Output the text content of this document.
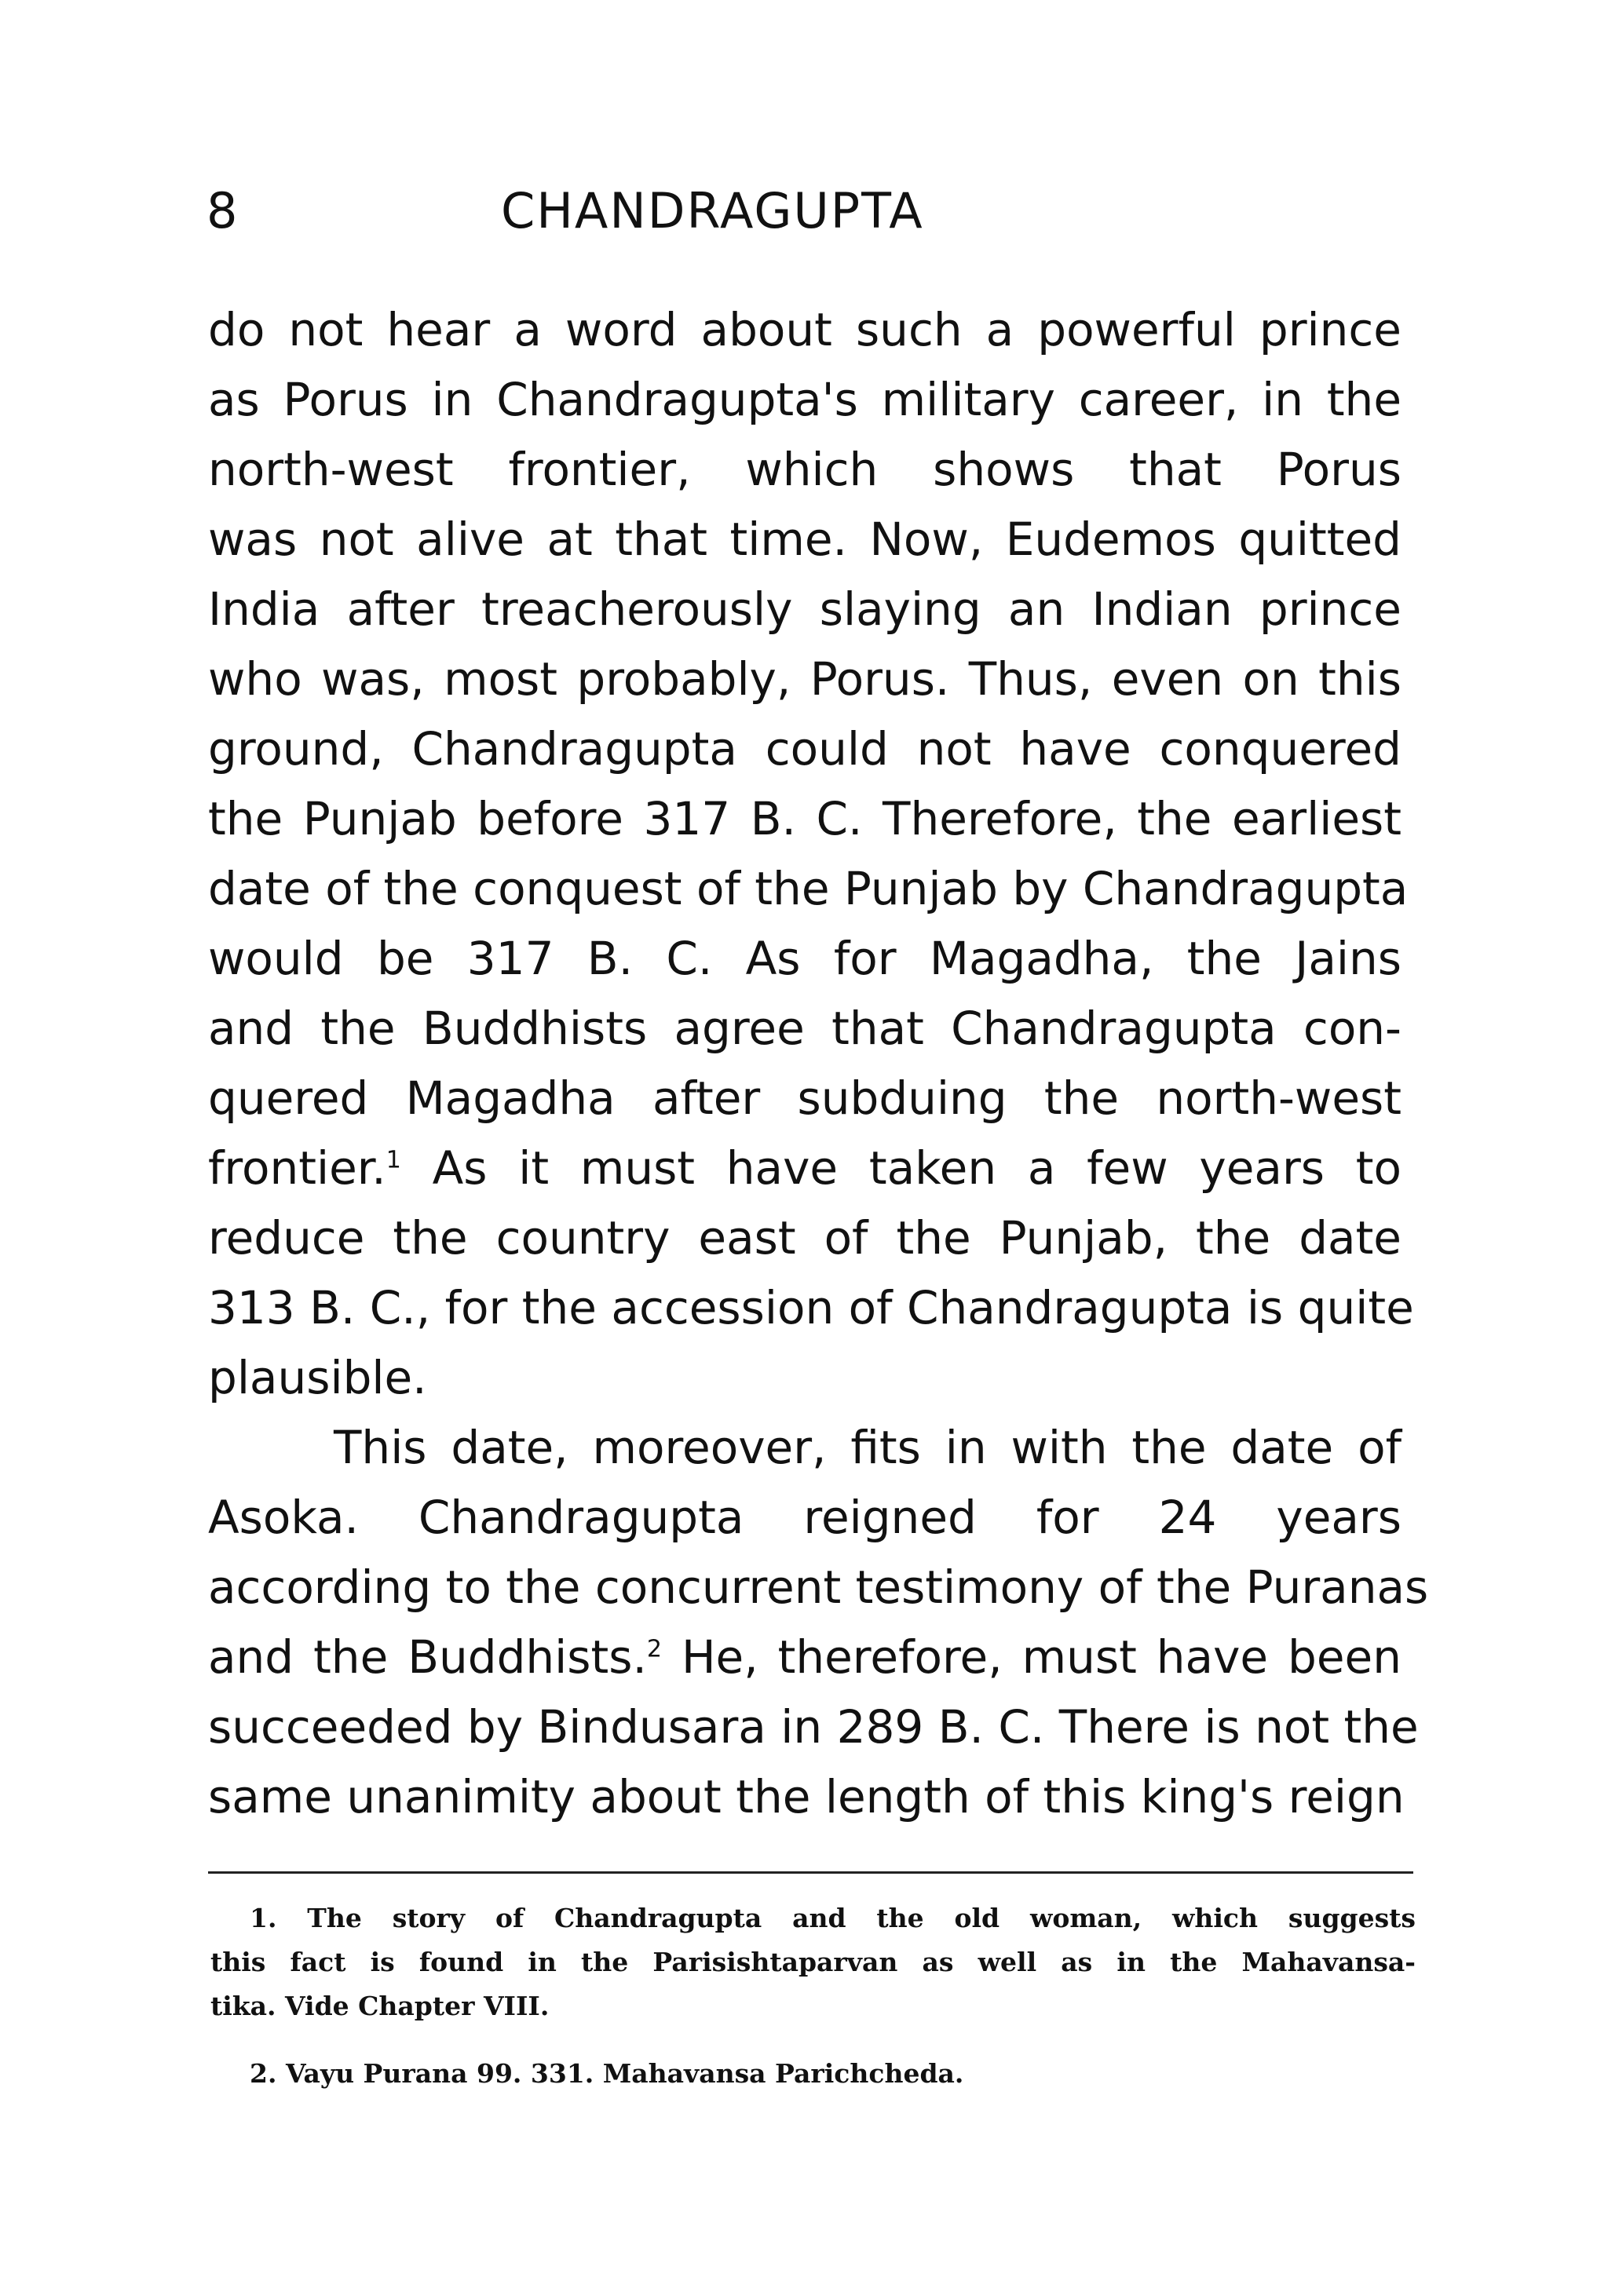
8	CHANDRAGUPTA
do not hear a word about such a powerful prince
as Porus in Chandragupta's military career, in the
north-west frontier, which shows that Porus
was not alive at that time. Now, Eudemos quitted
India after treacherously slaying an Indian prince
who was, most probably, Porus. Thus, even on this
ground, Chandragupta could not have conquered
the Punjab before 317 B. C. Therefore, the earliest
date of the conquest of the Punjab by Chandragupta
would be 317 B. C. As for Magadha, the Jains
and the Buddhists agree that Chandragupta con-
quered Magadha after subduing the north-west
frontier.$^1$ As it must have taken a few years to
reduce the country east of the Punjab, the date
313 B. C., for the accession of Chandragupta is quite
plausible.
This date, moreover, fits in with the date of
Asoka. Chandragupta reigned for 24 years
according to the concurrent testimony of the Puranas
and the Buddhists.$^2$ He, therefore, must have been
succeeded by Bindusara in 289 B. C. There is not the
same unanimity about the length of this king's reign
1. The story of Chandragupta and the old woman, which suggests
this fact is found in the Parisishtaparvan as well as in the Mahavansa-
tika. Vide Chapter VIII.
2. Vayu Purana 99. 331. Mahavansa Parichcheda.
